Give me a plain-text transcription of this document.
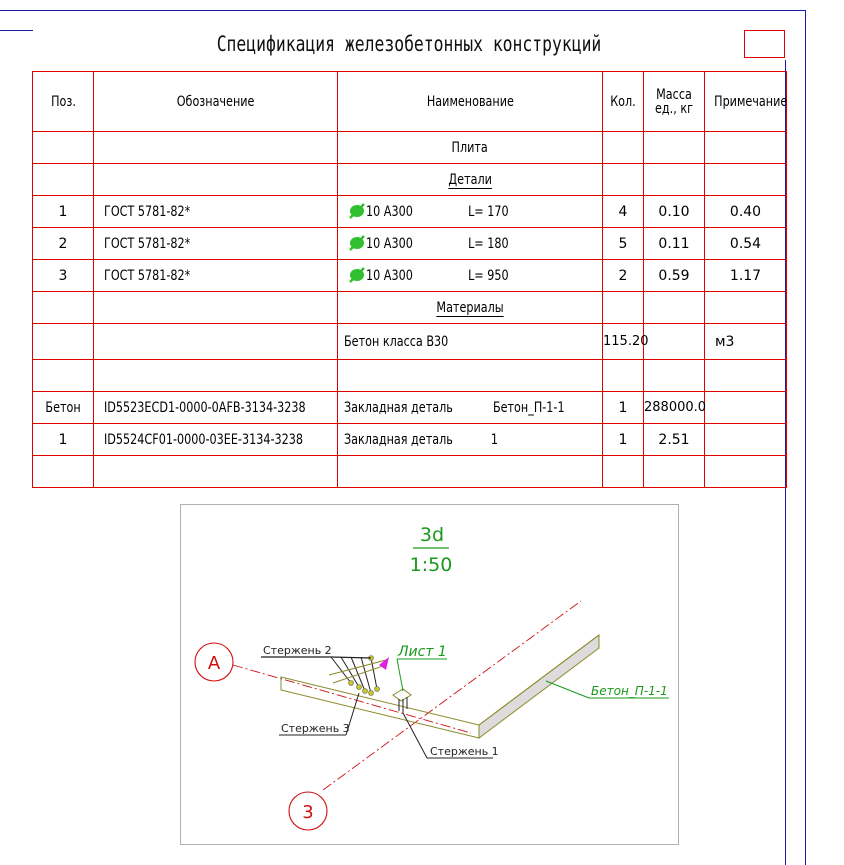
Спецификация железобетонных конструкций
Поз.	Обозначение	Наименование	Кол.	Масса ед., кг	Примечание
		Плита			
		Детали			
1	ГОСТ 5781-82*	10 А300 L= 170	4	0.10	0.40
2	ГОСТ 5781-82*	10 А300 L= 180	5	0.11	0.54
3	ГОСТ 5781-82*	10 А300 L= 950	2	0.59	1.17
		Материалы			
		Бетон класса В30	115.20		м3

Бетон	ID5523ECD1-0000-0AFB-3134-3238	Закладная деталь Бетон_П-1-1	1	288000.0	
1	ID5524CF01-0000-03EE-3134-3238	Закладная деталь 1	1	2.51	

3d
1:50
А
3
Стержень 2
Стержень 3
Стержень 1
Лист 1
Бетон_П-1-1
